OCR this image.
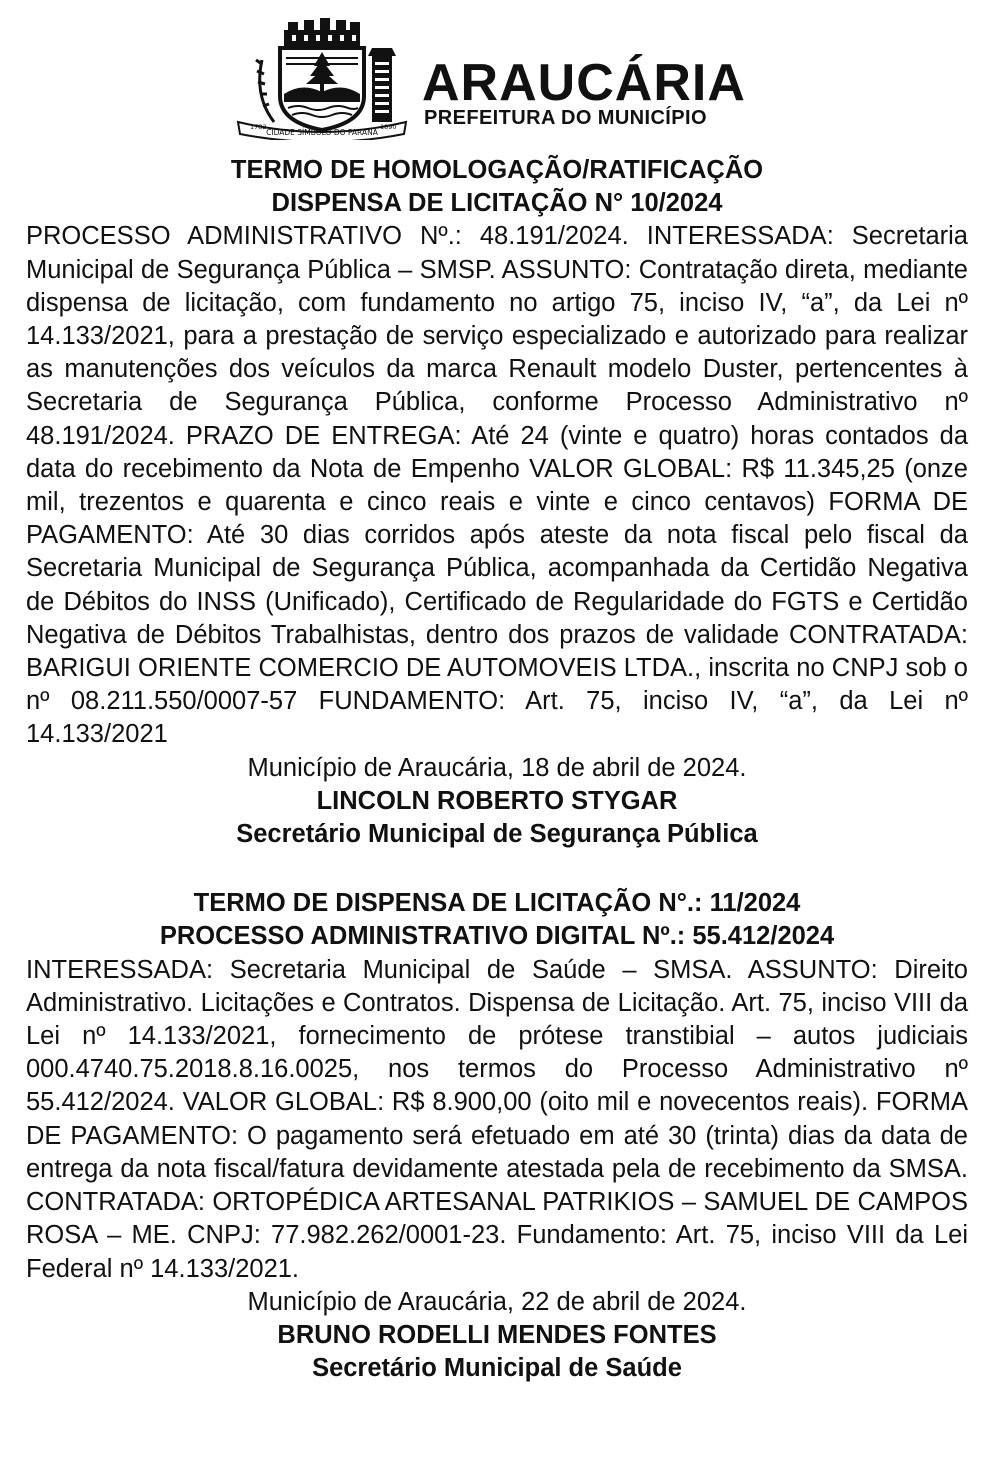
CIDADE SÍMBOLO DO PARANÁ
1782	1890
ARAUCÁRIA
PREFEITURA DO MUNICÍPIO

TERMO DE HOMOLOGAÇÃO/RATIFICAÇÃO

DISPENSA DE LICITAÇÃO N° 10/2024

PROCESSO ADMINISTRATIVO Nº.: 48.191/2024. INTERESSADA: Secretaria Municipal de Segurança Pública – SMSP. ASSUNTO: Contratação direta, mediante dispensa de licitação, com fundamento no artigo 75, inciso IV, “a”, da Lei nº 14.133/2021, para a prestação de serviço especializado e autorizado para realizar as manutenções dos veículos da marca Renault modelo Duster, pertencentes à Secretaria de Segurança Pública, conforme Processo Administrativo nº 48.191/2024. PRAZO DE ENTREGA: Até 24 (vinte e quatro) horas contados da data do recebimento da Nota de Empenho VALOR GLOBAL: R$ 11.345,25 (onze mil, trezentos e quarenta e cinco reais e vinte e cinco centavos) FORMA DE PAGAMENTO: Até 30 dias corridos após ateste da nota fiscal pelo fiscal da Secretaria Municipal de Segurança Pública, acompanhada da Certidão Negativa de Débitos do INSS (Unificado), Certificado de Regularidade do FGTS e Certidão Negativa de Débitos Trabalhistas, dentro dos prazos de validade CONTRATADA: BARIGUI ORIENTE COMERCIO DE AUTOMOVEIS LTDA., inscrita no CNPJ sob o nº 08.211.550/0007-57 FUNDAMENTO: Art. 75, inciso IV, “a”, da Lei nº 14.133/2021

Município de Araucária, 18 de abril de 2024.

LINCOLN ROBERTO STYGAR

Secretário Municipal de Segurança Pública

TERMO DE DISPENSA DE LICITAÇÃO N°.: 11/2024

PROCESSO ADMINISTRATIVO DIGITAL Nº.: 55.412/2024

INTERESSADA: Secretaria Municipal de Saúde – SMSA. ASSUNTO: Direito Administrativo. Licitações e Contratos. Dispensa de Licitação. Art. 75, inciso VIII da Lei nº 14.133/2021, fornecimento de prótese transtibial – autos judiciais 000.4740.75.2018.8.16.0025, nos termos do Processo Administrativo nº 55.412/2024. VALOR GLOBAL: R$ 8.900,00 (oito mil e novecentos reais). FORMA DE PAGAMENTO: O pagamento será efetuado em até 30 (trinta) dias da data de entrega da nota fiscal/fatura devidamente atestada pela de recebimento da SMSA. CONTRATADA: ORTOPÉDICA ARTESANAL PATRIKIOS – SAMUEL DE CAMPOS ROSA – ME. CNPJ: 77.982.262/0001-23. Fundamento: Art. 75, inciso VIII da Lei Federal nº 14.133/2021.

Município de Araucária, 22 de abril de 2024.

BRUNO RODELLI MENDES FONTES

Secretário Municipal de Saúde
